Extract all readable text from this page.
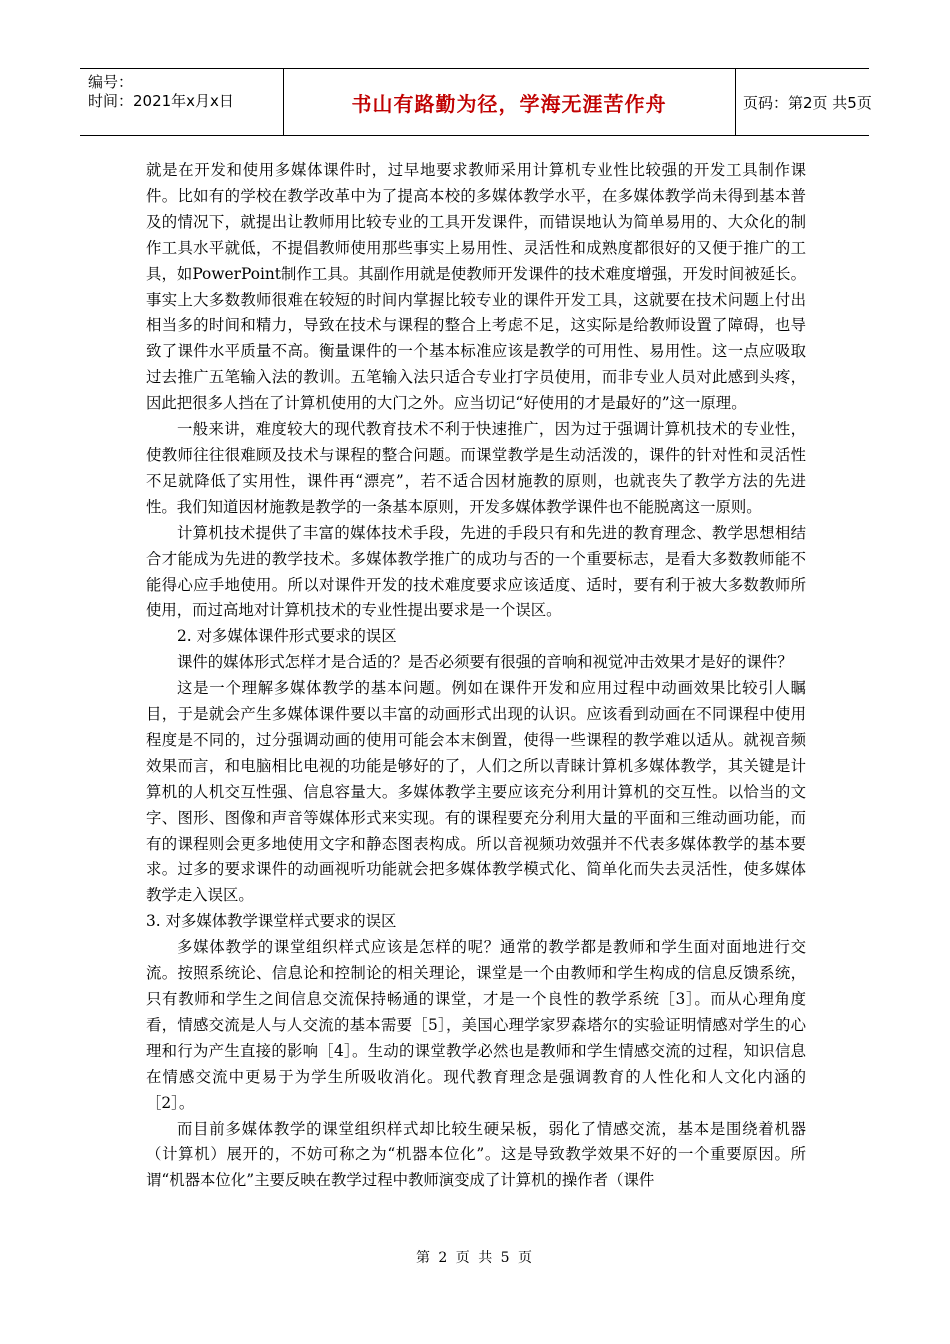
编号：
时间：2021年x月x日	书山有路勤为径，学海无涯苦作舟	页码：第2页 共5页

就是在开发和使用多媒体课件时，过早地要求教师采用计算机专业性比较强的开发工具制作课件。比如有的学校在教学改革中为了提高本校的多媒体教学水平，在多媒体教学尚未得到基本普及的情况下，就提出让教师用比较专业的工具开发课件，而错误地认为简单易用的、大众化的制作工具水平就低，不提倡教师使用那些事实上易用性、灵活性和成熟度都很好的又便于推广的工具，如PowerPoint制作工具。其副作用就是使教师开发课件的技术难度增强，开发时间被延长。事实上大多数教师很难在较短的时间内掌握比较专业的课件开发工具，这就要在技术问题上付出相当多的时间和精力，导致在技术与课程的整合上考虑不足，这实际是给教师设置了障碍，也导致了课件水平质量不高。衡量课件的一个基本标准应该是教学的可用性、易用性。这一点应吸取过去推广五笔输入法的教训。五笔输入法只适合专业打字员使用，而非专业人员对此感到头疼，因此把很多人挡在了计算机使用的大门之外。应当切记“好使用的才是最好的”这一原理。

一般来讲，难度较大的现代教育技术不利于快速推广，因为过于强调计算机技术的专业性，使教师往往很难顾及技术与课程的整合问题。而课堂教学是生动活泼的，课件的针对性和灵活性不足就降低了实用性，课件再“漂亮”，若不适合因材施教的原则，也就丧失了教学方法的先进性。我们知道因材施教是教学的一条基本原则，开发多媒体教学课件也不能脱离这一原则。

计算机技术提供了丰富的媒体技术手段，先进的手段只有和先进的教育理念、教学思想相结合才能成为先进的教学技术。多媒体教学推广的成功与否的一个重要标志，是看大多数教师能不能得心应手地使用。所以对课件开发的技术难度要求应该适度、适时，要有利于被大多数教师所使用，而过高地对计算机技术的专业性提出要求是一个误区。

2. 对多媒体课件形式要求的误区

课件的媒体形式怎样才是合适的？是否必须要有很强的音响和视觉冲击效果才是好的课件？

这是一个理解多媒体教学的基本问题。例如在课件开发和应用过程中动画效果比较引人瞩目，于是就会产生多媒体课件要以丰富的动画形式出现的认识。应该看到动画在不同课程中使用程度是不同的，过分强调动画的使用可能会本末倒置，使得一些课程的教学难以适从。就视音频效果而言，和电脑相比电视的功能是够好的了，人们之所以青睐计算机多媒体教学，其关键是计算机的人机交互性强、信息容量大。多媒体教学主要应该充分利用计算机的交互性。以恰当的文字、图形、图像和声音等媒体形式来实现。有的课程要充分利用大量的平面和三维动画功能，而有的课程则会更多地使用文字和静态图表构成。所以音视频功效强并不代表多媒体教学的基本要求。过多的要求课件的动画视听功能就会把多媒体教学模式化、简单化而失去灵活性，使多媒体教学走入误区。

3. 对多媒体教学课堂样式要求的误区

多媒体教学的课堂组织样式应该是怎样的呢？通常的教学都是教师和学生面对面地进行交流。按照系统论、信息论和控制论的相关理论，课堂是一个由教师和学生构成的信息反馈系统，只有教师和学生之间信息交流保持畅通的课堂，才是一个良性的教学系统［3］。而从心理角度看，情感交流是人与人交流的基本需要［5］，美国心理学家罗森塔尔的实验证明情感对学生的心理和行为产生直接的影响［4］。生动的课堂教学必然也是教师和学生情感交流的过程，知识信息在情感交流中更易于为学生所吸收消化。现代教育理念是强调教育的人性化和人文化内涵的［2］。

而目前多媒体教学的课堂组织样式却比较生硬呆板，弱化了情感交流，基本是围绕着机器（计算机）展开的，不妨可称之为“机器本位化”。这是导致教学效果不好的一个重要原因。所谓“机器本位化”主要反映在教学过程中教师演变成了计算机的操作者（课件

第 2 页 共 5 页
